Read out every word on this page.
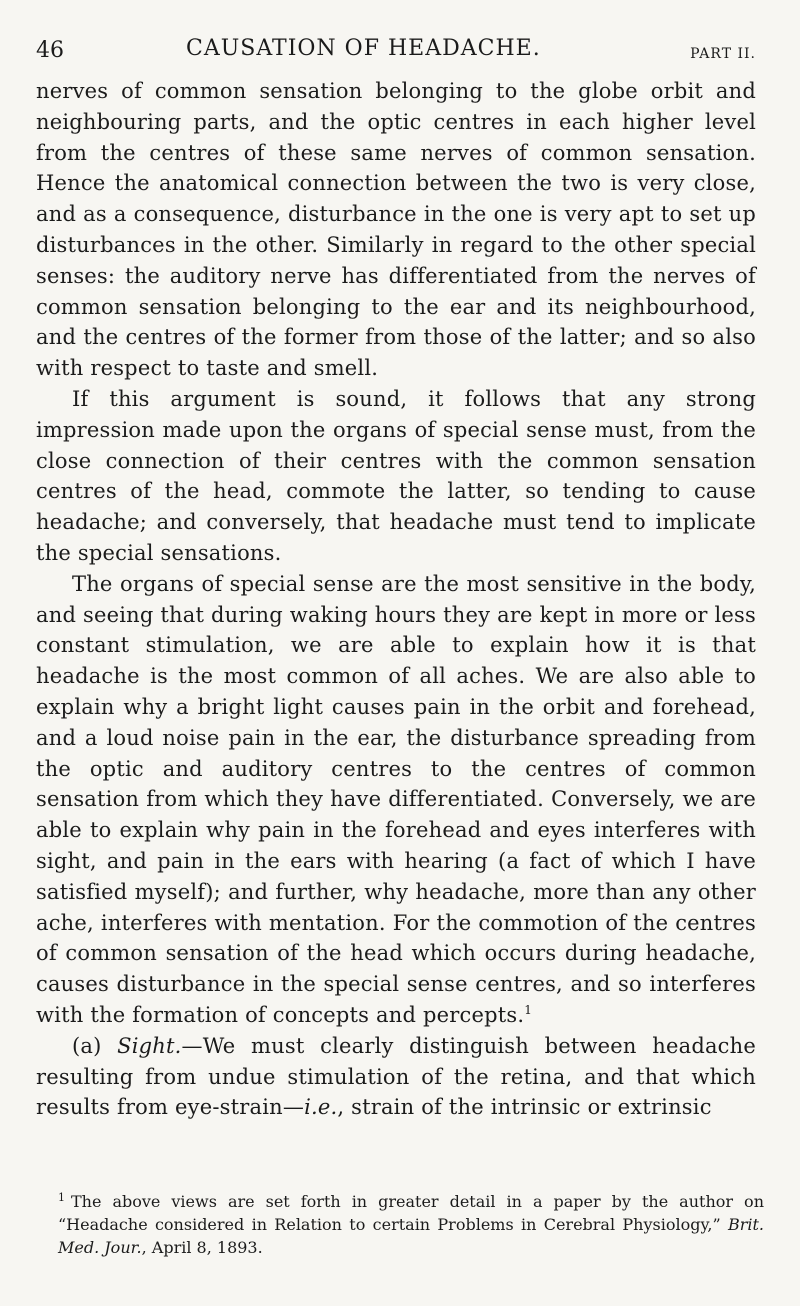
46	CAUSATION OF HEADACHE.	PART II.

nerves of common sensation belonging to the globe orbit and neighbouring parts, and the optic centres in each higher level from the centres of these same nerves of common sensation. Hence the anatomical connection between the two is very close, and as a consequence, disturbance in the one is very apt to set up disturbances in the other. Similarly in regard to the other special senses: the auditory nerve has differentiated from the nerves of common sensation belonging to the ear and its neighbourhood, and the centres of the former from those of the latter; and so also with respect to taste and smell.

If this argument is sound, it follows that any strong impression made upon the organs of special sense must, from the close connection of their centres with the common sensation centres of the head, commote the latter, so tending to cause headache; and conversely, that headache must tend to implicate the special sensations.

The organs of special sense are the most sensitive in the body, and seeing that during waking hours they are kept in more or less constant stimulation, we are able to explain how it is that headache is the most common of all aches. We are also able to explain why a bright light causes pain in the orbit and forehead, and a loud noise pain in the ear, the disturbance spreading from the optic and auditory centres to the centres of common sensation from which they have differentiated. Conversely, we are able to explain why pain in the forehead and eyes interferes with sight, and pain in the ears with hearing (a fact of which I have satisfied myself); and further, why headache, more than any other ache, interferes with mentation. For the commotion of the centres of common sensation of the head which occurs during headache, causes disturbance in the special sense centres, and so interferes with the formation of concepts and percepts.$^1$

(a) Sight.—We must clearly distinguish between headache resulting from undue stimulation of the retina, and that which results from eye-strain—i.e., strain of the intrinsic or extrinsic

$^1$ The above views are set forth in greater detail in a paper by the author on “Headache considered in Relation to certain Problems in Cerebral Physiology,” Brit. Med. Jour., April 8, 1893.
